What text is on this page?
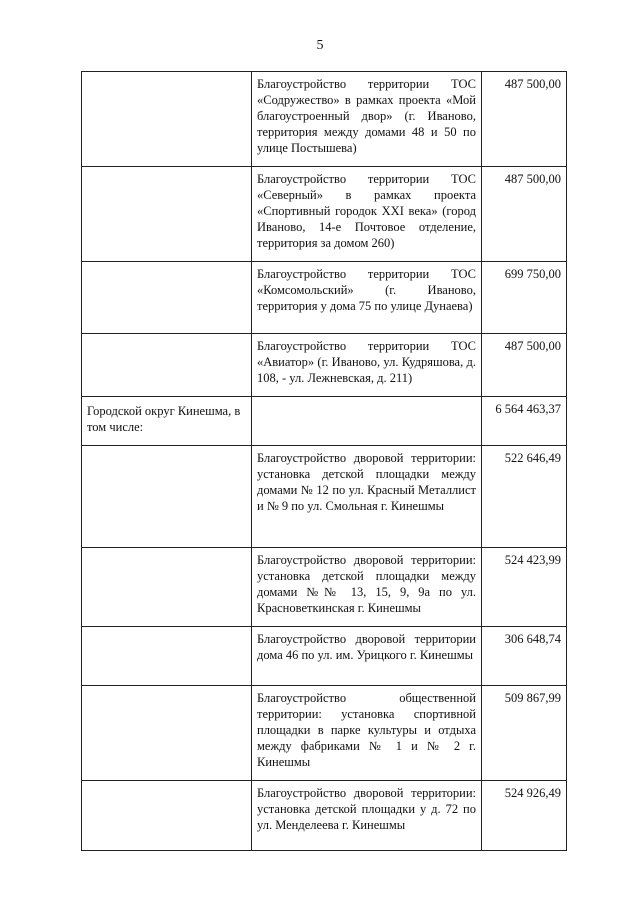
5
	Благоустройство территории ТОС «Содружество» в рамках проекта «Мой благоустроенный двор» (г. Иваново, территория между домами 48 и 50 по улице Постышева)	487 500,00
	Благоустройство территории ТОС «Северный» в рамках проекта «Спортивный городок XXI века» (город Иваново, 14-е Почтовое отделение, территория за домом 260)	487 500,00
	Благоустройство территории ТОС «Комсомольский» (г. Иваново, территория у дома 75 по улице Дунаева)	699 750,00
	Благоустройство территории ТОС «Авиатор» (г. Иваново, ул. Кудряшова, д. 108, - ул. Лежневская, д. 211)	487 500,00
Городской округ Кинешма, в том числе:		6 564 463,37
	Благоустройство дворовой территории: установка детской площадки между домами № 12 по ул. Красный Металлист и № 9 по ул. Смольная г. Кинешмы	522 646,49
	Благоустройство дворовой территории: установка детской площадки между домами №№ 13, 15, 9, 9а по ул. Красноветкинская г. Кинешмы	524 423,99
	Благоустройство дворовой территории дома 46 по ул. им. Урицкого г. Кинешмы	306 648,74
	Благоустройство общественной территории: установка спортивной площадки в парке культуры и отдыха между фабриками № 1 и № 2 г. Кинешмы	509 867,99
	Благоустройство дворовой территории: установка детской площадки у д. 72 по ул. Менделеева г. Кинешмы	524 926,49
